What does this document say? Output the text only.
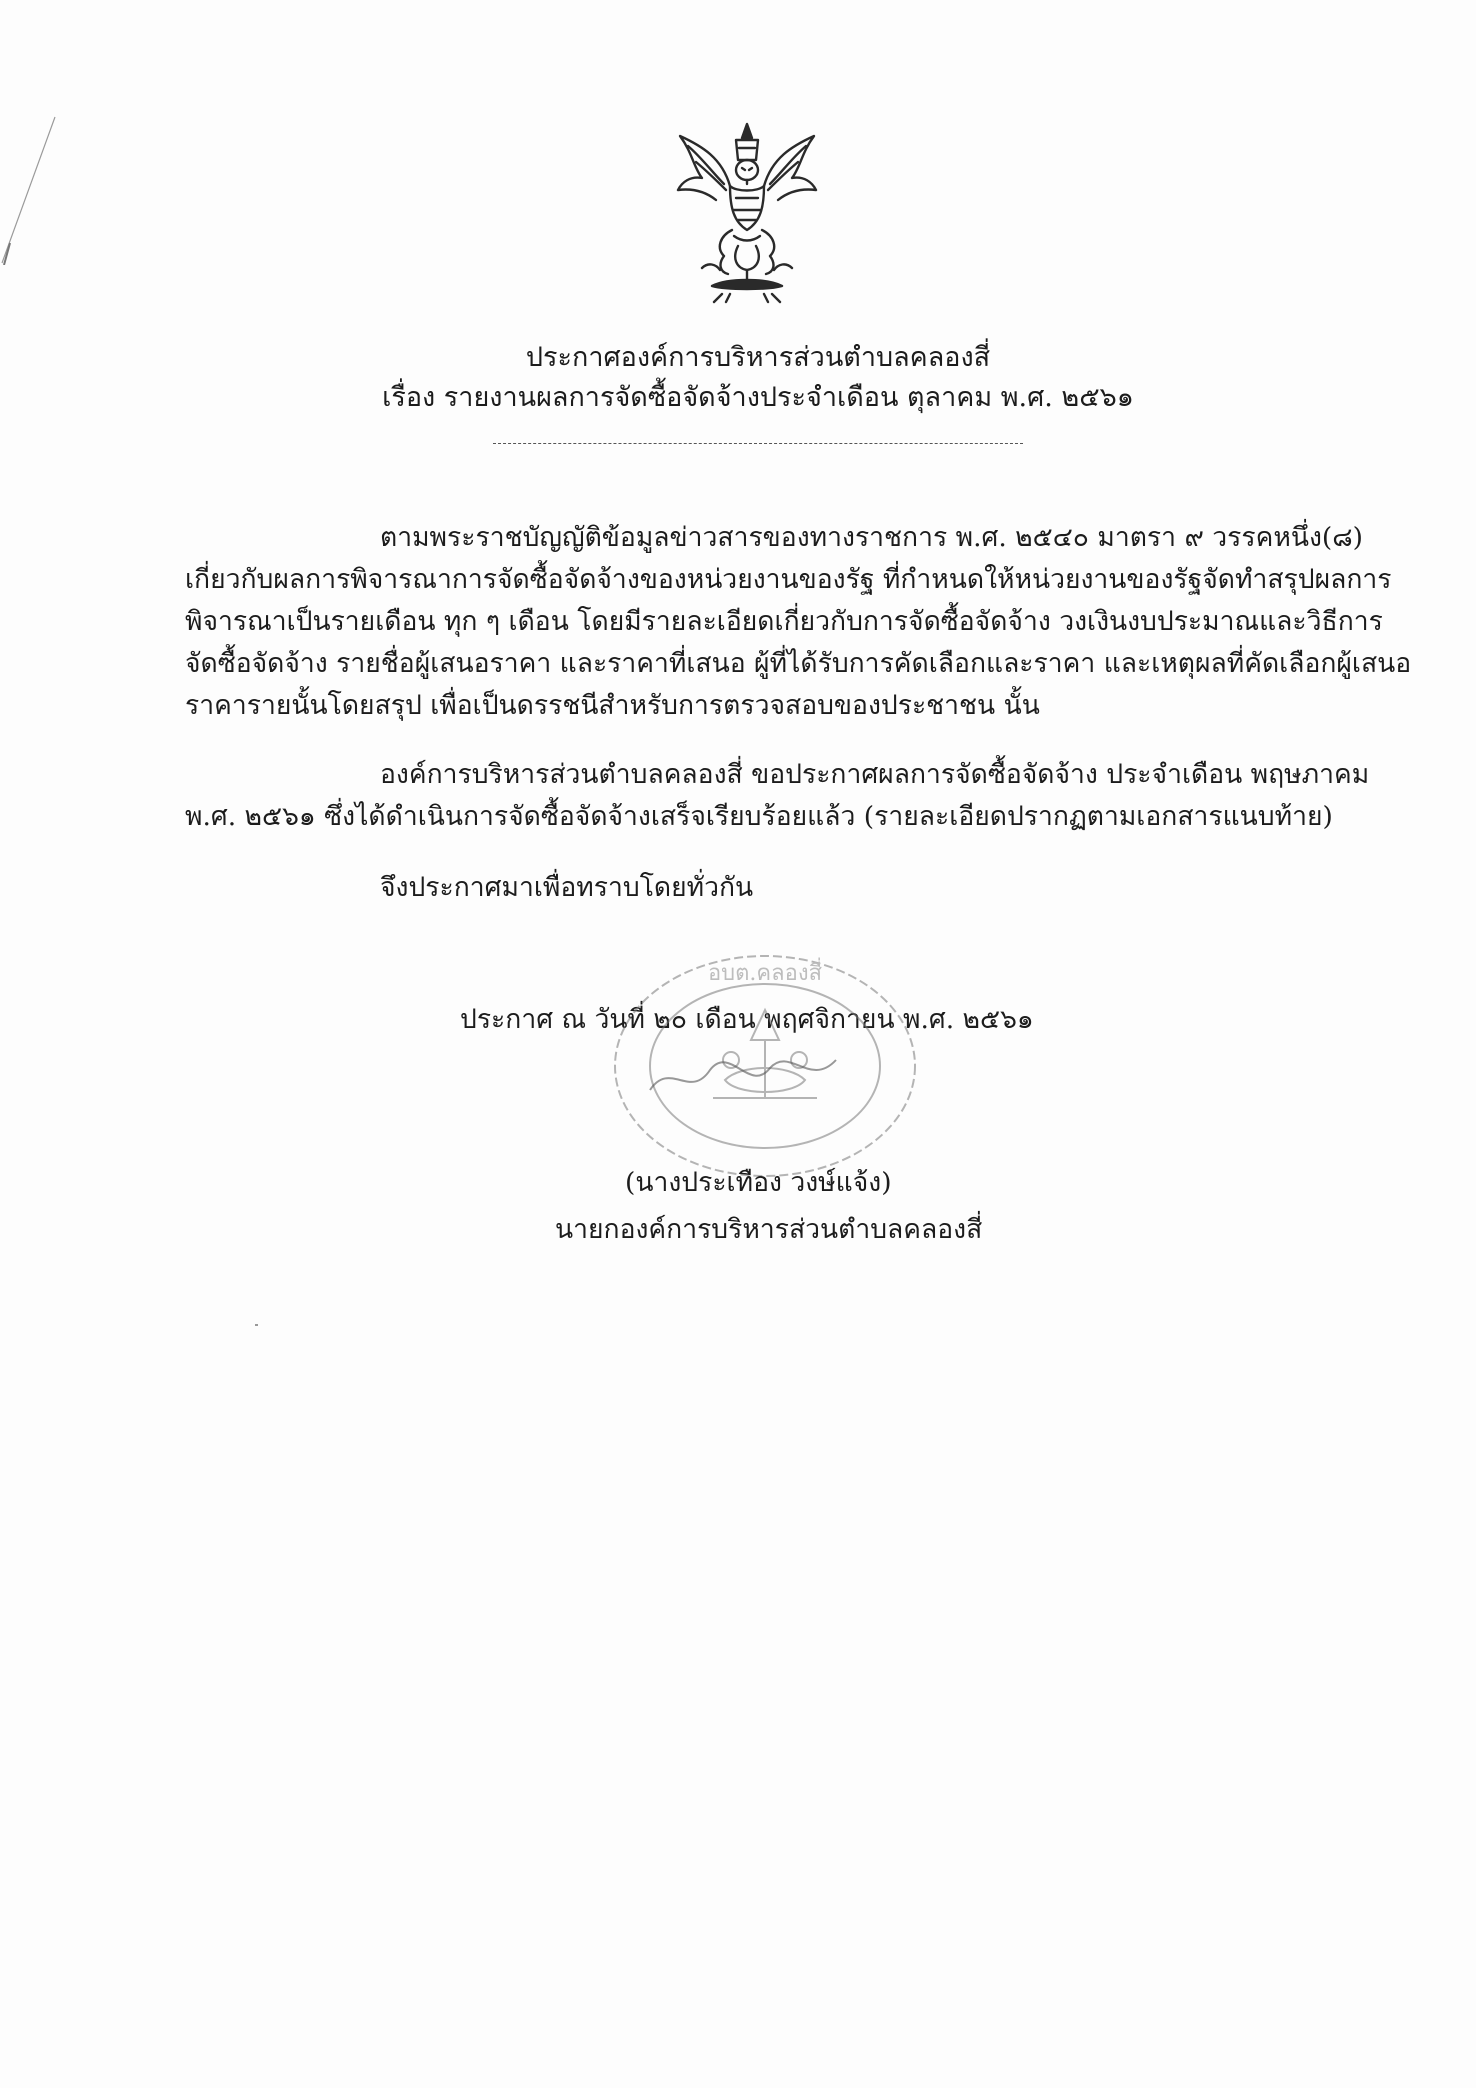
ประกาศองค์การบริหารส่วนตำบลคลองสี่
เรื่อง รายงานผลการจัดซื้อจัดจ้างประจำเดือน ตุลาคม พ.ศ. ๒๕๖๑
ตามพระราชบัญญัติข้อมูลข่าวสารของทางราชการ พ.ศ. ๒๕๔๐ มาตรา ๙ วรรคหนึ่ง(๘)
เกี่ยวกับผลการพิจารณาการจัดซื้อจัดจ้างของหน่วยงานของรัฐ ที่กำหนดให้หน่วยงานของรัฐจัดทำสรุปผลการ
พิจารณาเป็นรายเดือน ทุก ๆ เดือน โดยมีรายละเอียดเกี่ยวกับการจัดซื้อจัดจ้าง วงเงินงบประมาณและวิธีการ
จัดซื้อจัดจ้าง รายชื่อผู้เสนอราคา และราคาที่เสนอ ผู้ที่ได้รับการคัดเลือกและราคา และเหตุผลที่คัดเลือกผู้เสนอ
ราคารายนั้นโดยสรุป เพื่อเป็นดรรชนีสำหรับการตรวจสอบของประชาชน นั้น
องค์การบริหารส่วนตำบลคลองสี่ ขอประกาศผลการจัดซื้อจัดจ้าง ประจำเดือน พฤษภาคม
พ.ศ. ๒๕๖๑ ซึ่งได้ดำเนินการจัดซื้อจัดจ้างเสร็จเรียบร้อยแล้ว (รายละเอียดปรากฏตามเอกสารแนบท้าย)
จึงประกาศมาเพื่อทราบโดยทั่วกัน
ประกาศ ณ วันที่ ๒๐ เดือน พฤศจิกายน พ.ศ. ๒๕๖๑
อบต.คลองสี่
(นางประเทือง วงษ์แจ้ง)
นายกองค์การบริหารส่วนตำบลคลองสี่
